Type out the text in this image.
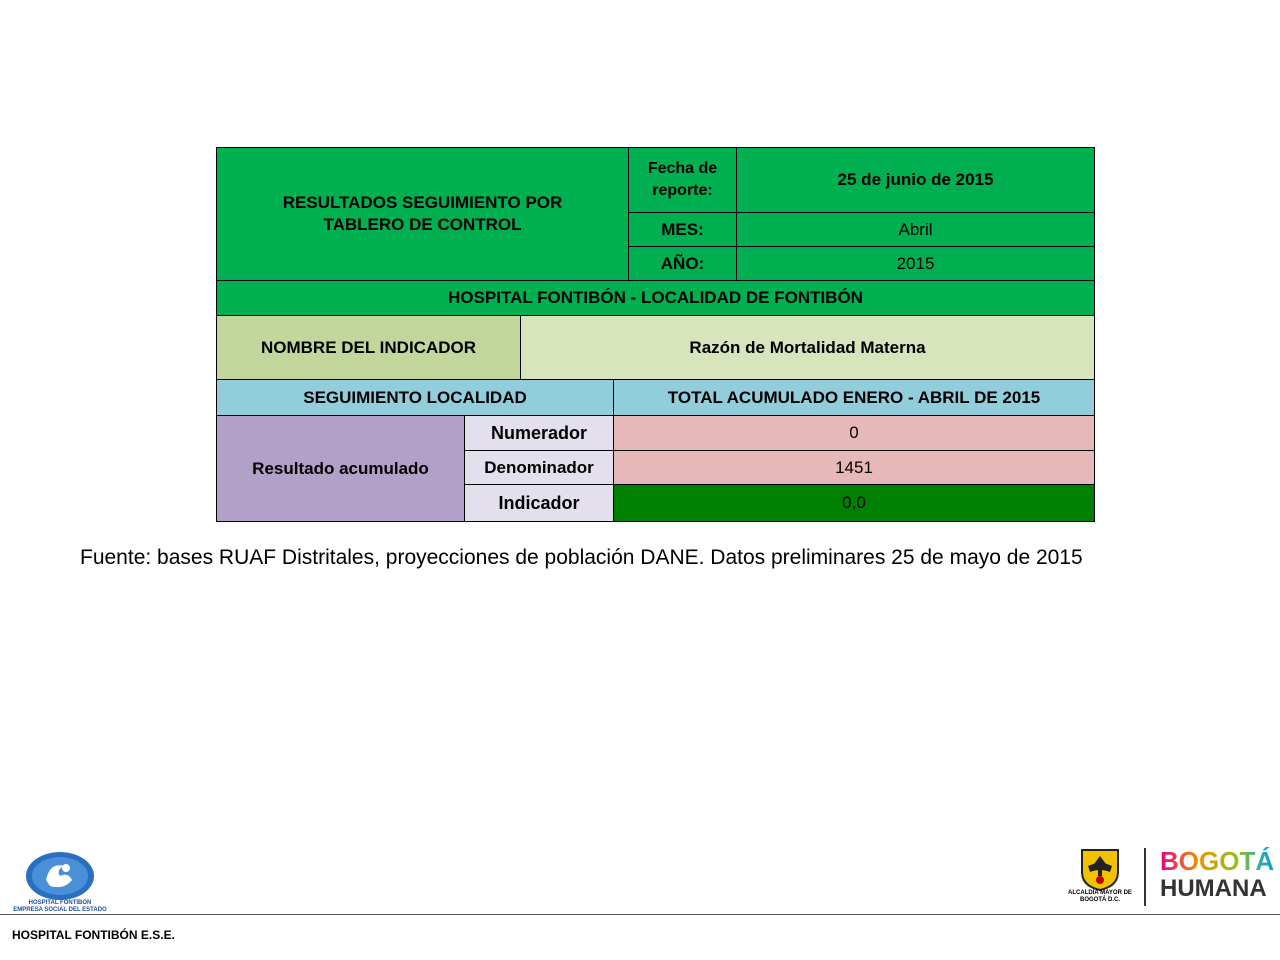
RESULTADOS SEGUIMIENTO POR TABLERO DE CONTROL
Fecha de reporte:
25 de junio de 2015
MES:	Abril
AÑO:	2015
HOSPITAL FONTIBÓN - LOCALIDAD DE FONTIBÓN
NOMBRE DEL INDICADOR	Razón de Mortalidad Materna
SEGUIMIENTO LOCALIDAD	TOTAL ACUMULADO ENERO - ABRIL DE 2015
Resultado acumulado
Numerador	0
Denominador	1451
Indicador	0,0
Fuente: bases RUAF Distritales, proyecciones de población DANE. Datos preliminares 25 de mayo de 2015
HOSPITAL FONTIBON
EMPRESA SOCIAL DEL ESTADO
HOSPITAL FONTIBÓN E.S.E.
ALCALDÍA MAYOR DE BOGOTÁ D.C.
BOGOTÁ
HUMANA
